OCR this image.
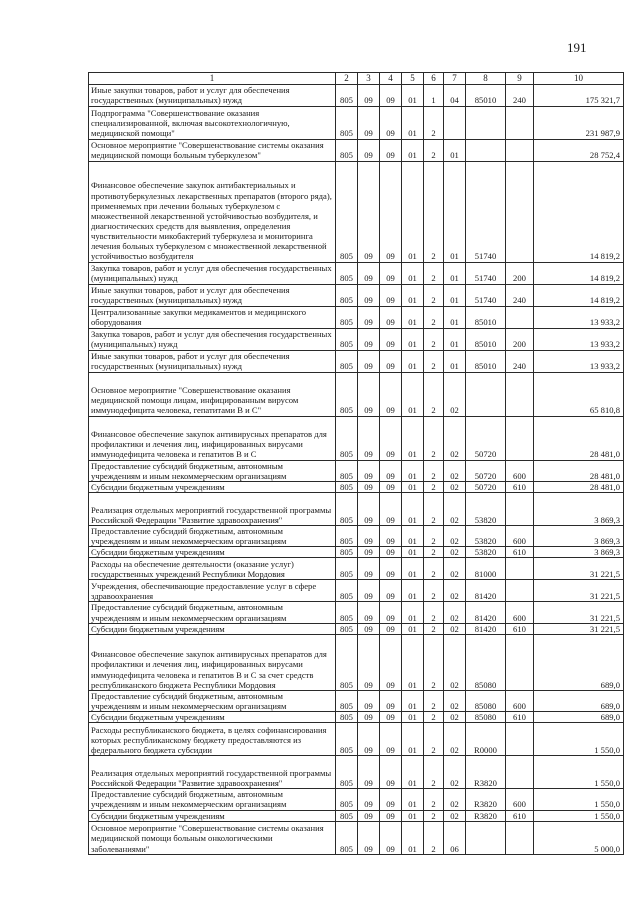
191
1	2	3	4	5	6	7	8	9	10
Иные закупки товаров, работ и услуг для обеспечения государственных (муниципальных) нужд	805	09	09	01	1	04	85010	240	175 321,7
Подпрограмма "Совершенствование оказания специализированной, включая высокотехнологичную, медицинской помощи"	805	09	09	01	2				231 987,9
Основное мероприятие "Совершенствование системы оказания медицинской помощи больным туберкулезом"	805	09	09	01	2	01			28 752,4
Финансовое обеспечение закупок антибактериальных и противотуберкулезных лекарственных препаратов (второго ряда), применяемых при лечении больных туберкулезом с множественной лекарственной устойчивостью возбудителя, и диагностических средств для выявления, определения чувствительности микобактерий туберкулеза и мониторинга лечения больных туберкулезом с множественной лекарственной устойчивостью возбудителя	805	09	09	01	2	01	51740		14 819,2
Закупка товаров, работ и услуг для обеспечения государственных (муниципальных) нужд	805	09	09	01	2	01	51740	200	14 819,2
Иные закупки товаров, работ и услуг для обеспечения государственных (муниципальных) нужд	805	09	09	01	2	01	51740	240	14 819,2
Централизованные закупки медикаментов и медицинского оборудования	805	09	09	01	2	01	85010		13 933,2
Закупка товаров, работ и услуг для обеспечения государственных (муниципальных) нужд	805	09	09	01	2	01	85010	200	13 933,2
Иные закупки товаров, работ и услуг для обеспечения государственных (муниципальных) нужд	805	09	09	01	2	01	85010	240	13 933,2
Основное мероприятие "Совершенствование оказания медицинской помощи лицам, инфицированным вирусом иммунодефицита человека, гепатитами В и С"	805	09	09	01	2	02			65 810,8
Финансовое обеспечение закупок антивирусных препаратов для профилактики и лечения лиц, инфицированных вирусами иммунодефицита человека и гепатитов В и С	805	09	09	01	2	02	50720		28 481,0
Предоставление субсидий бюджетным, автономным учреждениям и иным некоммерческим организациям	805	09	09	01	2	02	50720	600	28 481,0
Субсидии бюджетным учреждениям	805	09	09	01	2	02	50720	610	28 481,0
Реализация отдельных мероприятий государственной программы Российской Федерации "Развитие здравоохранения"	805	09	09	01	2	02	53820		3 869,3
Предоставление субсидий бюджетным, автономным учреждениям и иным некоммерческим организациям	805	09	09	01	2	02	53820	600	3 869,3
Субсидии бюджетным учреждениям	805	09	09	01	2	02	53820	610	3 869,3
Расходы на обеспечение деятельности (оказание услуг) государственных учреждений Республики Мордовия	805	09	09	01	2	02	81000		31 221,5
Учреждения, обеспечивающие предоставление услуг в сфере здравоохранения	805	09	09	01	2	02	81420		31 221,5
Предоставление субсидий бюджетным, автономным учреждениям и иным некоммерческим организациям	805	09	09	01	2	02	81420	600	31 221,5
Субсидии бюджетным учреждениям	805	09	09	01	2	02	81420	610	31 221,5
Финансовое обеспечение закупок антивирусных препаратов для профилактики и лечения лиц, инфицированных вирусами иммунодефицита человека и гепатитов В и С за счет средств республиканского бюджета Республики Мордовия	805	09	09	01	2	02	85080		689,0
Предоставление субсидий бюджетным, автономным учреждениям и иным некоммерческим организациям	805	09	09	01	2	02	85080	600	689,0
Субсидии бюджетным учреждениям	805	09	09	01	2	02	85080	610	689,0
Расходы республиканского бюджета, в целях софинансирования которых республиканскому бюджету предоставляются из федерального бюджета субсидии	805	09	09	01	2	02	R0000		1 550,0
Реализация отдельных мероприятий государственной программы Российской Федерации "Развитие здравоохранения"	805	09	09	01	2	02	R3820		1 550,0
Предоставление субсидий бюджетным, автономным учреждениям и иным некоммерческим организациям	805	09	09	01	2	02	R3820	600	1 550,0
Субсидии бюджетным учреждениям	805	09	09	01	2	02	R3820	610	1 550,0
Основное мероприятие "Совершенствование системы оказания медицинской помощи больным онкологическими заболеваниями"	805	09	09	01	2	06			5 000,0
